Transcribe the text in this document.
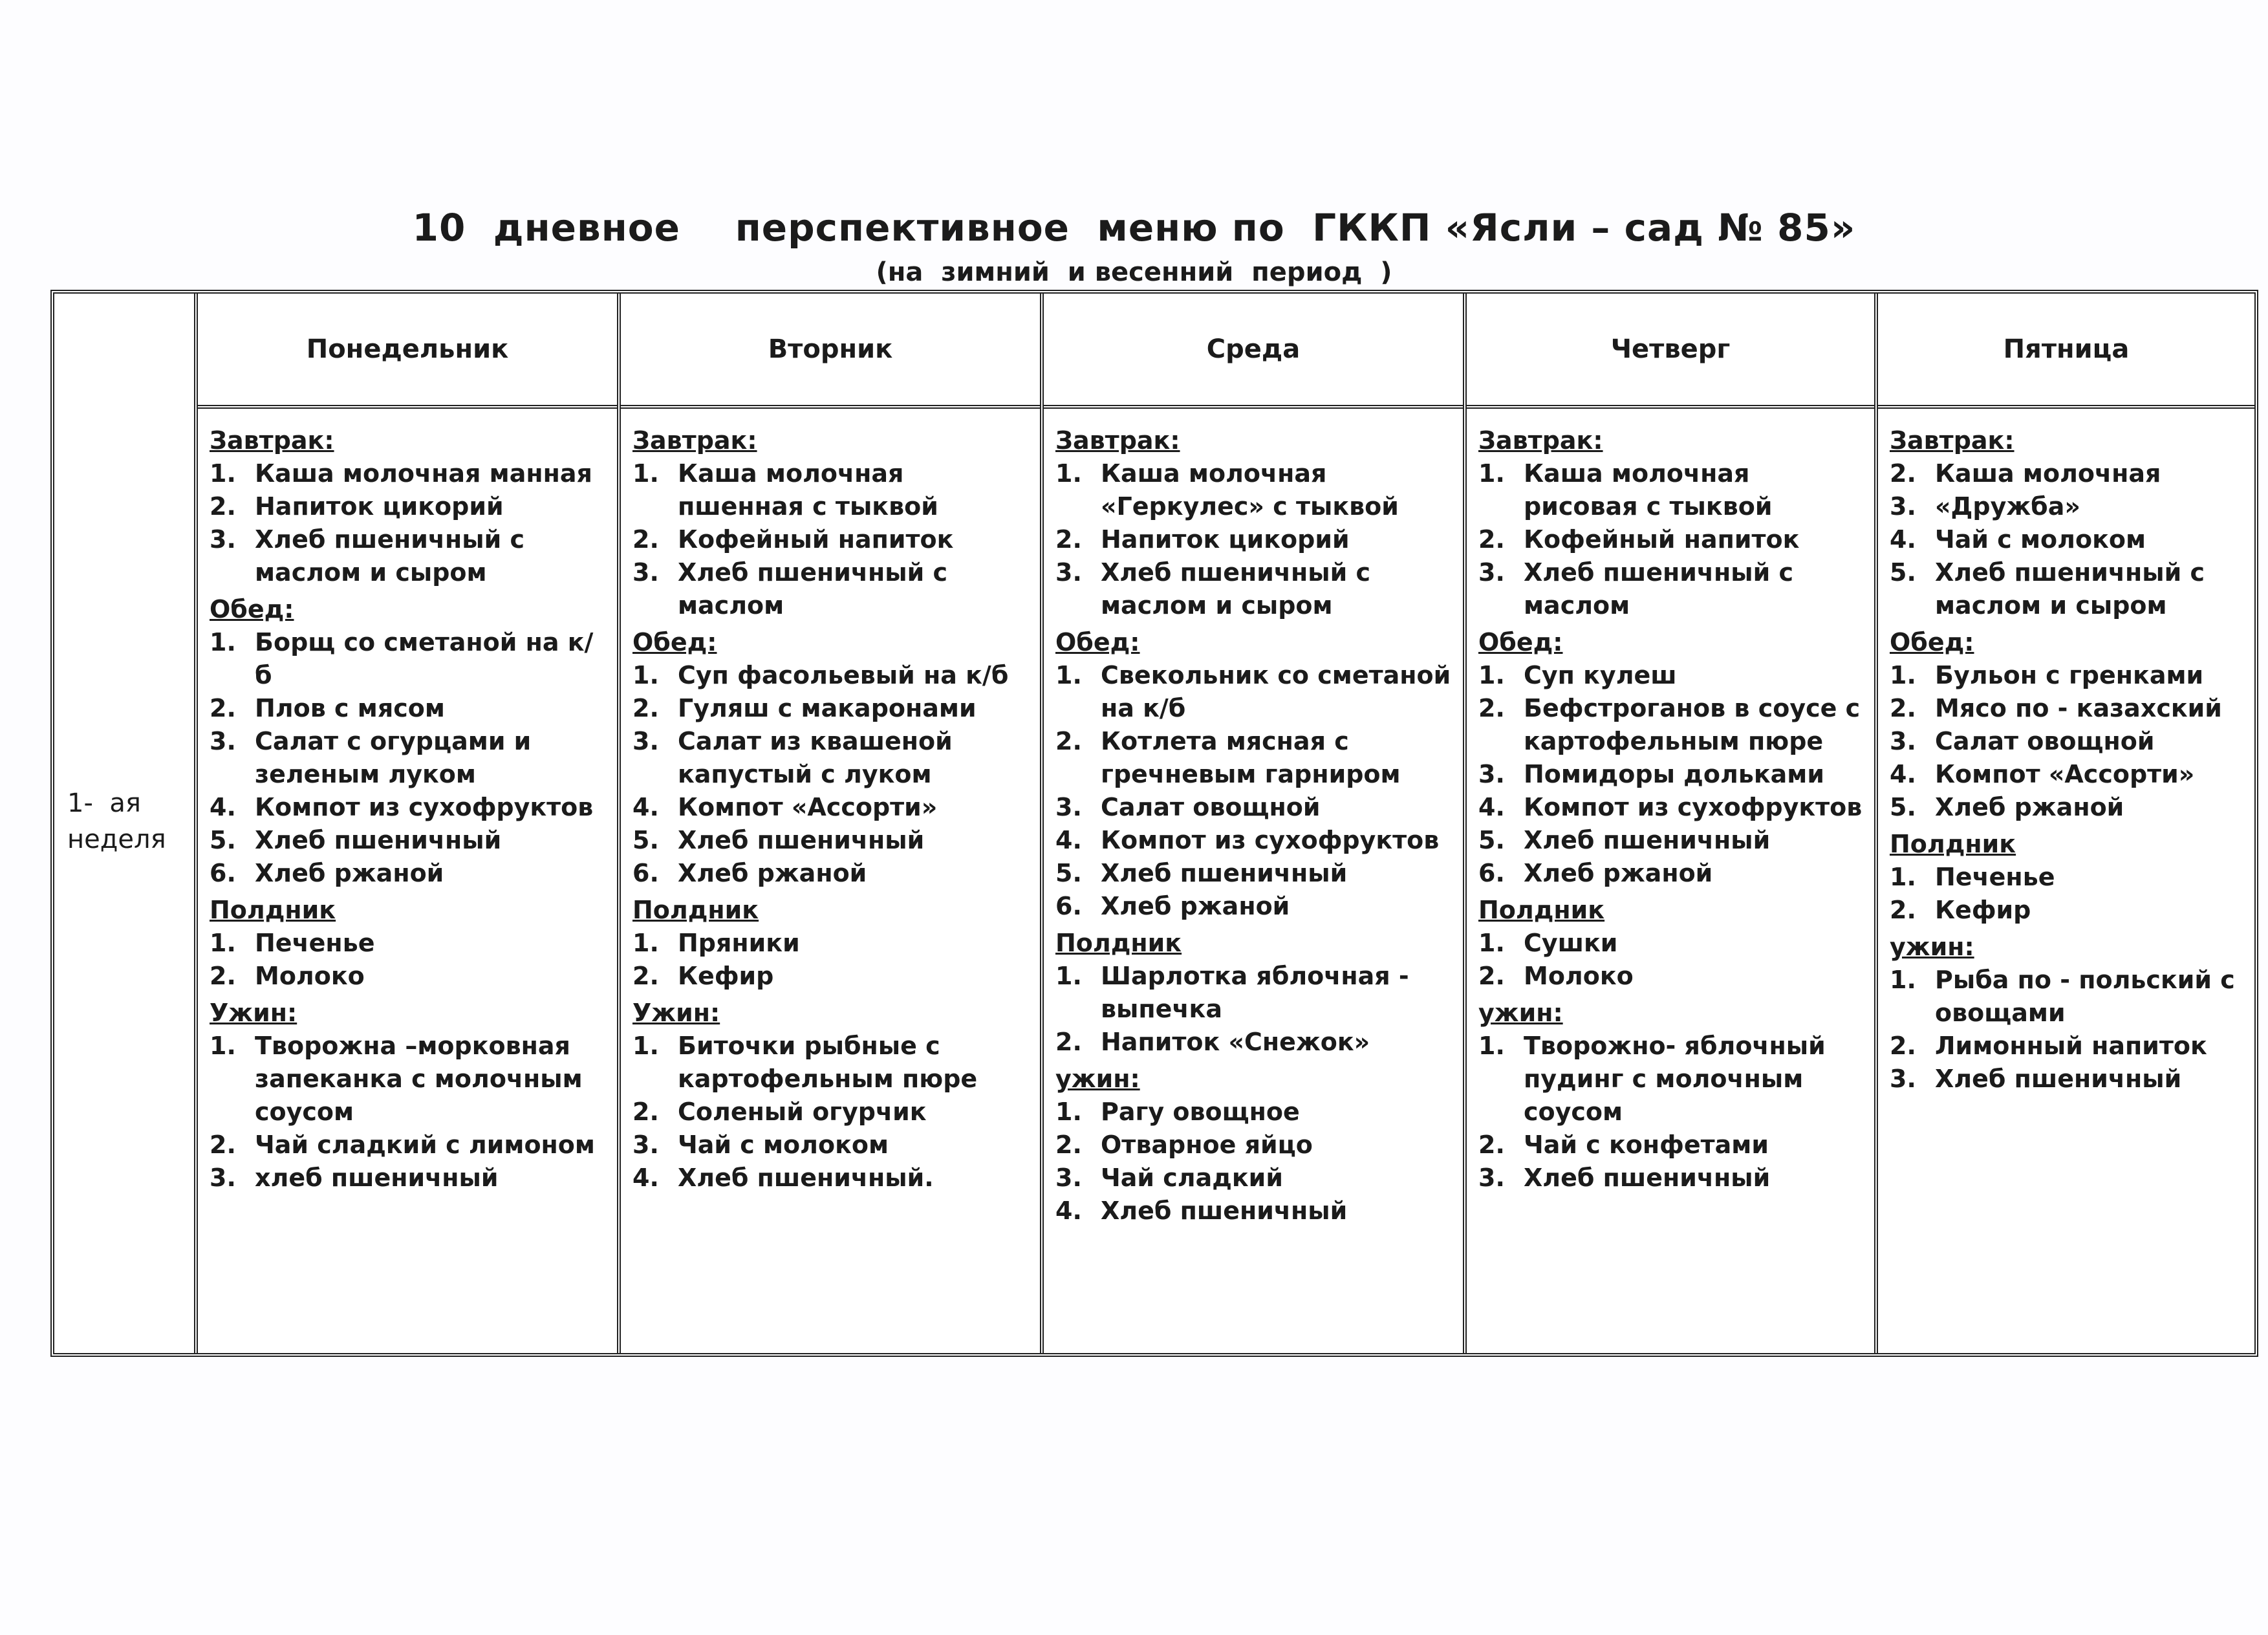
10  дневное    перспективное  меню по  ГККП «Ясли – сад № 85»
(на  зимний  и весенний  период  )
1-  ая
неделя
Понедельник
Завтрак:
1. Каша молочная манная
2. Напиток цикорий
3. Хлеб пшеничный с маслом и сыром
Обед:
1. Борщ со сметаной на к/б
2. Плов с мясом
3. Салат с огурцами и зеленым луком
4. Компот из сухофруктов
5. Хлеб пшеничный
6. Хлеб ржаной
Полдник
1. Печенье
2. Молоко
Ужин:
1. Творожна –морковная запеканка с молочным соусом
2. Чай сладкий с лимоном
3. хлеб пшеничный
Вторник
Завтрак:
1. Каша молочная пшенная с тыквой
2. Кофейный напиток
3. Хлеб пшеничный с маслом
Обед:
1. Суп фасольевый на к/б
2. Гуляш с макаронами
3. Салат из квашеной капустый с луком
4. Компот «Ассорти»
5. Хлеб пшеничный
6. Хлеб ржаной
Полдник
1. Пряники
2. Кефир
Ужин:
1. Биточки рыбные с картофельным пюре
2. Соленый огурчик
3. Чай с молоком
4. Хлеб пшеничный.
Среда
Завтрак:
1. Каша молочная «Геркулес» с тыквой
2. Напиток цикорий
3. Хлеб пшеничный с маслом и сыром
Обед:
1. Свекольник со сметаной на к/б
2. Котлета мясная с гречневым гарниром
3. Салат овощной
4. Компот из сухофруктов
5. Хлеб пшеничный
6. Хлеб ржаной
Полдник
1. Шарлотка яблочная - выпечка
2. Напиток «Снежок»
ужин:
1. Рагу овощное
2. Отварное яйцо
3. Чай сладкий
4. Хлеб пшеничный
Четверг
Завтрак:
1. Каша молочная рисовая с тыквой
2. Кофейный напиток
3. Хлеб пшеничный с маслом
Обед:
1. Суп кулеш
2. Бефстроганов в соусе с картофельным пюре
3. Помидоры дольками
4. Компот из сухофруктов
5. Хлеб пшеничный
6. Хлеб ржаной
Полдник
1. Сушки
2. Молоко
ужин:
1. Творожно- яблочный пудинг с молочным соусом
2. Чай с конфетами
3. Хлеб пшеничный
Пятница
Завтрак:
2. Каша молочная
3. «Дружба»
4. Чай с молоком
5. Хлеб пшеничный с маслом и сыром
Обед:
1. Бульон с гренками
2. Мясо по - казахский
3. Салат овощной
4. Компот «Ассорти»
5. Хлеб ржаной
Полдник
1. Печенье
2. Кефир
ужин:
1. Рыба по - польский с овощами
2. Лимонный напиток
3. Хлеб пшеничный
